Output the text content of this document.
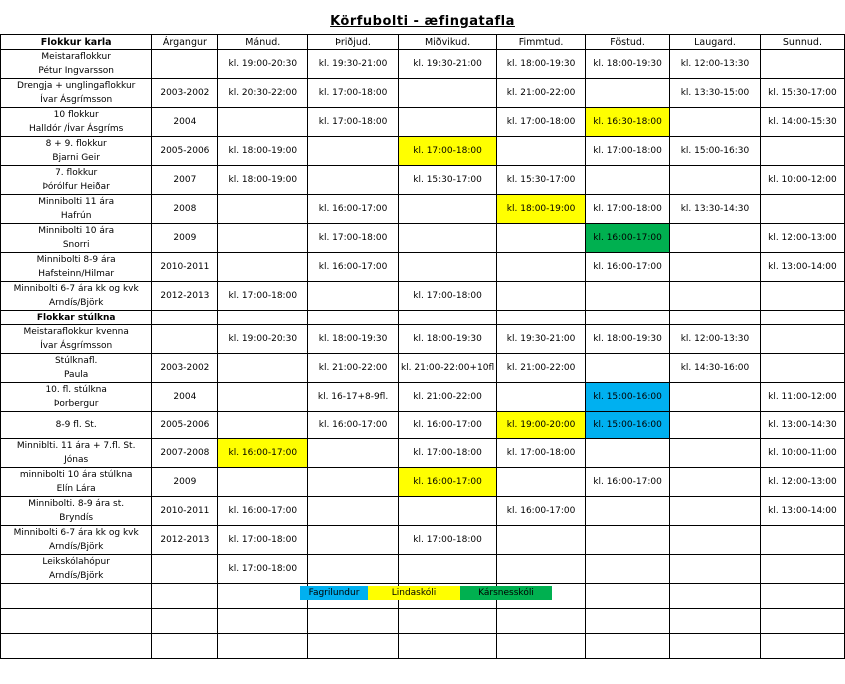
Körfubolti - æfingatafla
Flokkur karla	Árgangur	Mánud.	Þriðjud.	Miðvikud.	Fimmtud.	Föstud.	Laugard.	Sunnud.

Meistaraflokkur
Pétur Ingvarsson		kl. 19:00-20:30	kl. 19:30-21:00	kl. 19:30-21:00	kl. 18:00-19:30	kl. 18:00-19:30	kl. 12:00-13:30	

Drengja + unglingaflokkur
Ívar Ásgrímsson	2003-2002	kl. 20:30-22:00	kl. 17:00-18:00		kl. 21:00-22:00		kl. 13:30-15:00	kl. 15:30-17:00

10 flokkur
Halldór /Ívar Ásgríms	2004		kl. 17:00-18:00		kl. 17:00-18:00	kl. 16:30-18:00		kl. 14:00-15:30

8 + 9. flokkur
Bjarni Geir	2005-2006	kl. 18:00-19:00		kl. 17:00-18:00		kl. 17:00-18:00	kl. 15:00-16:30	

7. flokkur
Þórólfur Heiðar	2007	kl. 18:00-19:00		kl. 15:30-17:00	kl. 15:30-17:00			kl. 10:00-12:00

Minnibolti 11 ára
Hafrún	2008		kl. 16:00-17:00		kl. 18:00-19:00	kl. 17:00-18:00	kl. 13:30-14:30	

Minnibolti 10 ára
Snorri	2009		kl. 17:00-18:00			kl. 16:00-17:00		kl. 12:00-13:00

Minnibolti 8-9 ára
Hafsteinn/Hilmar	2010-2011		kl. 16:00-17:00			kl. 16:00-17:00		kl. 13:00-14:00

Minnibolti 6-7 ára kk og kvk
Arndís/Björk	2012-2013	kl. 17:00-18:00		kl. 17:00-18:00				
Flokkar stúlkna								

Meistaraflokkur kvenna
Ívar Ásgrímsson		kl. 19:00-20:30	kl. 18:00-19:30	kl. 18:00-19:30	kl. 19:30-21:00	kl. 18:00-19:30	kl. 12:00-13:30	

Stúlknafl.
Paula	2003-2002		kl. 21:00-22:00	kl. 21:00-22:00+10fl	kl. 21:00-22:00		kl. 14:30-16:00	

10. fl. stúlkna
Þorbergur	2004		kl. 16-17+8-9fl.	kl. 21:00-22:00		kl. 15:00-16:00		kl. 11:00-12:00

8-9 fl. St.	2005-2006		kl. 16:00-17:00	kl. 16:00-17:00	kl. 19:00-20:00	kl. 15:00-16:00		kl. 13:00-14:30

Minniblti. 11 ára + 7.fl. St.
Jónas	2007-2008	kl. 16:00-17:00		kl. 17:00-18:00	kl. 17:00-18:00			kl. 10:00-11:00

minnibolti 10 ára stúlkna
Elín Lára	2009			kl. 16:00-17:00		kl. 16:00-17:00		kl. 12:00-13:00

Minnibolti. 8-9 ára st.
Bryndís	2010-2011	kl. 16:00-17:00			kl. 16:00-17:00			kl. 13:00-14:00

Minnibolti 6-7 ára kk og kvk
Arndís/Björk	2012-2013	kl. 17:00-18:00		kl. 17:00-18:00				

Leikskólahópur
Arndís/Björk		kl. 17:00-18:00						

Fagrilundur	Lindaskóli	Kársnesskóli
